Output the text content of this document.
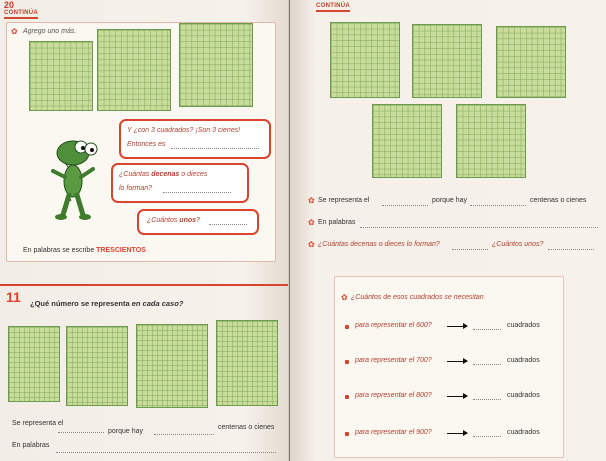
20
CONTINÚA
✿ Agrego uno más.
Y ¿con 3 cuadrados? ¡Son 3 cienes!
Entonces es
¿Cuántas decenas o dieces
lo forman?
¿Cuántos unos?
En palabras se escribe TRESCIENTOS
11 ¿Qué número se representa en cada caso?
Se representa el
porque hay
centenas o cienes
En palabras
CONTINÚA
✿ Se representa el	porque hay	centenas o cienes
✿ En palabras
✿ ¿Cuántas decenas o dieces lo forman?	¿Cuántos unos?
✿ ¿Cuántos de esos cuadrados se necesitan
para representar el 600?	cuadrados
para representar el 700?	cuadrados
para representar el 800?	cuadrados
para representar el 900?	cuadrados
